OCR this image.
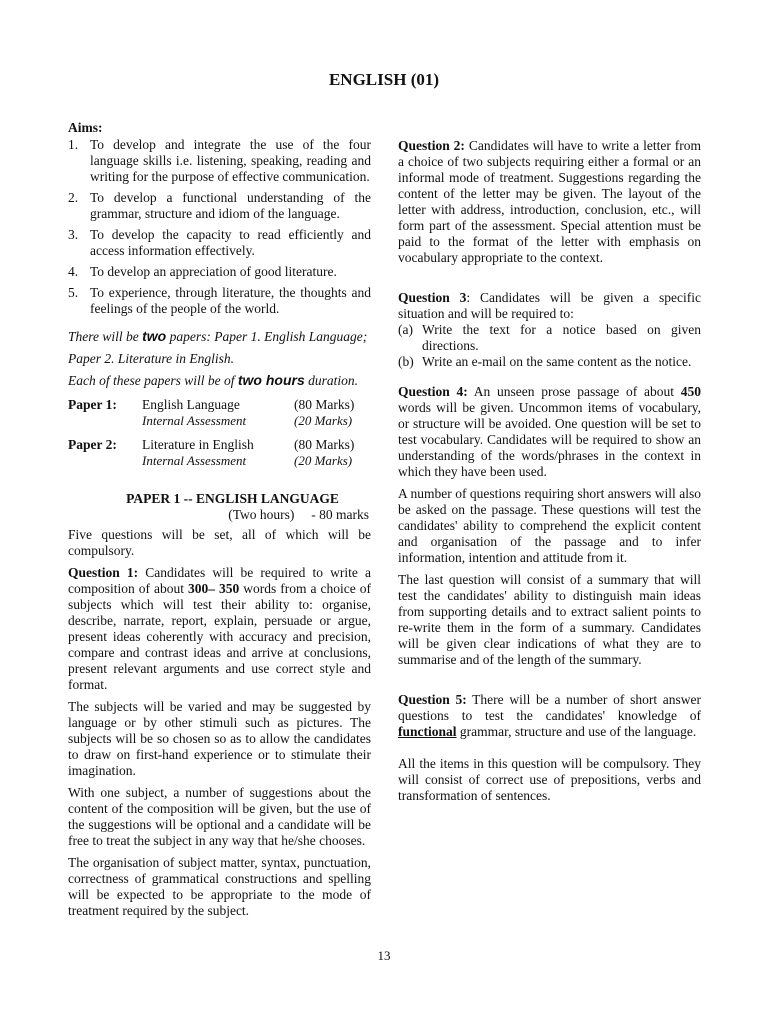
ENGLISH (01)
Aims:
1. To develop and integrate the use of the four language skills i.e. listening, speaking, reading and writing for the purpose of effective communication.
2. To develop a functional understanding of the grammar, structure and idiom of the language.
3. To develop the capacity to read efficiently and access information effectively.
4. To develop an appreciation of good literature.
5. To experience, through literature, the thoughts and feelings of the people of the world.
There will be two papers: Paper 1. English Language;
Paper 2. Literature in English.
Each of these papers will be of two hours duration.
Paper 1:	English Language	(80 Marks)
Internal Assessment	(20 Marks)
Paper 2:	Literature in English	(80 Marks)
Internal Assessment	(20 Marks)
PAPER 1 -- ENGLISH LANGUAGE
(Two hours)     - 80 marks

Five questions will be set, all of which will be compulsory.

Question 1: Candidates will be required to write a composition of about 300– 350 words from a choice of subjects which will test their ability to: organise, describe, narrate, report, explain, persuade or argue, present ideas coherently with accuracy and precision, compare and contrast ideas and arrive at conclusions, present relevant arguments and use correct style and format.

The subjects will be varied and may be suggested by language or by other stimuli such as pictures. The subjects will be so chosen so as to allow the candidates to draw on first-hand experience or to stimulate their imagination.

With one subject, a number of suggestions about the content of the composition will be given, but the use of the suggestions will be optional and a candidate will be free to treat the subject in any way that he/she chooses.

The organisation of subject matter, syntax, punctuation, correctness of grammatical constructions and spelling will be expected to be appropriate to the mode of treatment required by the subject.

Question 2: Candidates will have to write a letter from a choice of two subjects requiring either a formal or an informal mode of treatment. Suggestions regarding the content of the letter may be given. The layout of the letter with address, introduction, conclusion, etc., will form part of the assessment. Special attention must be paid to the format of the letter with emphasis on vocabulary appropriate to the context.

Question 3: Candidates will be given a specific situation and will be required to:

(a) Write the text for a notice based on given directions.
(b) Write an e-mail on the same content as the notice.

Question 4: An unseen prose passage of about 450 words will be given. Uncommon items of vocabulary, or structure will be avoided. One question will be set to test vocabulary. Candidates will be required to show an understanding of the words/phrases in the context in which they have been used.

A number of questions requiring short answers will also be asked on the passage. These questions will test the candidates' ability to comprehend the explicit content and organisation of the passage and to infer information, intention and attitude from it.

The last question will consist of a summary that will test the candidates' ability to distinguish main ideas from supporting details and to extract salient points to re-write them in the form of a summary. Candidates will be given clear indications of what they are to summarise and of the length of the summary.

Question 5: There will be a number of short answer questions to test the candidates' knowledge of functional grammar, structure and use of the language.

All the items in this question will be compulsory. They will consist of correct use of prepositions, verbs and transformation of sentences.

13
